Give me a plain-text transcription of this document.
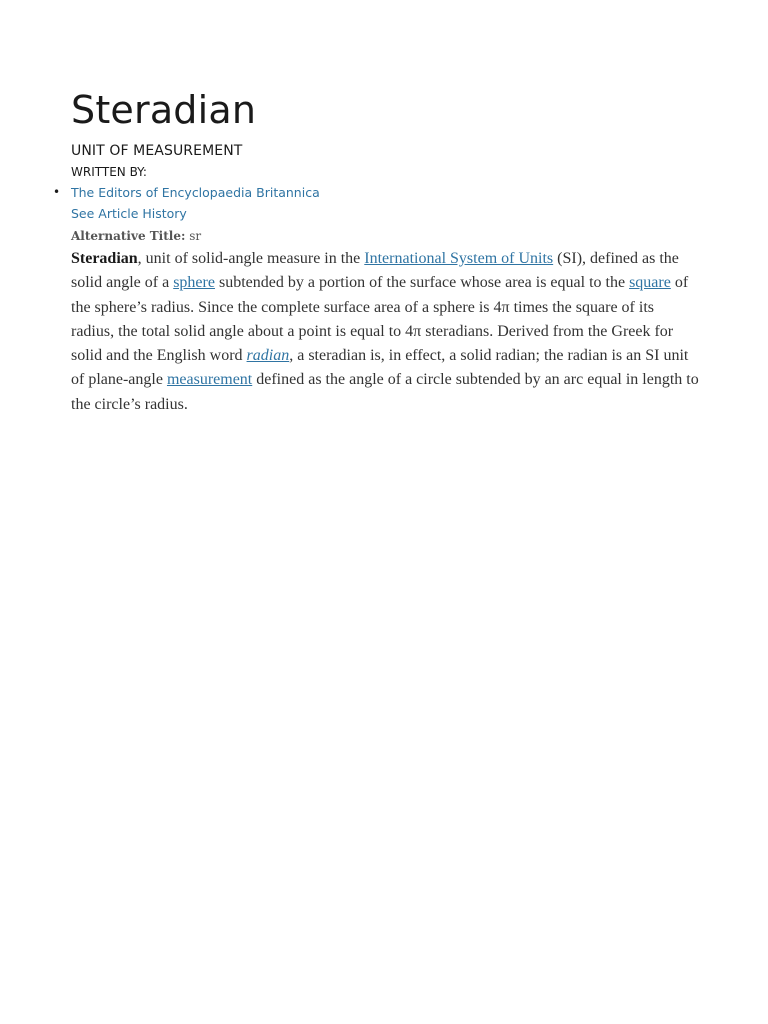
Steradian
UNIT OF MEASUREMENT
WRITTEN BY:
• The Editors of Encyclopaedia Britannica
See Article History
Alternative Title: sr

Steradian, unit of solid-angle measure in the International System of Units (SI), defined as the solid angle of a sphere subtended by a portion of the surface whose area is equal to the square of the sphere’s radius. Since the complete surface area of a sphere is 4π times the square of its radius, the total solid angle about a point is equal to 4π steradians. Derived from the Greek for solid and the English word radian, a steradian is, in effect, a solid radian; the radian is an SI unit of plane-angle measurement defined as the angle of a circle subtended by an arc equal in length to the circle’s radius.
